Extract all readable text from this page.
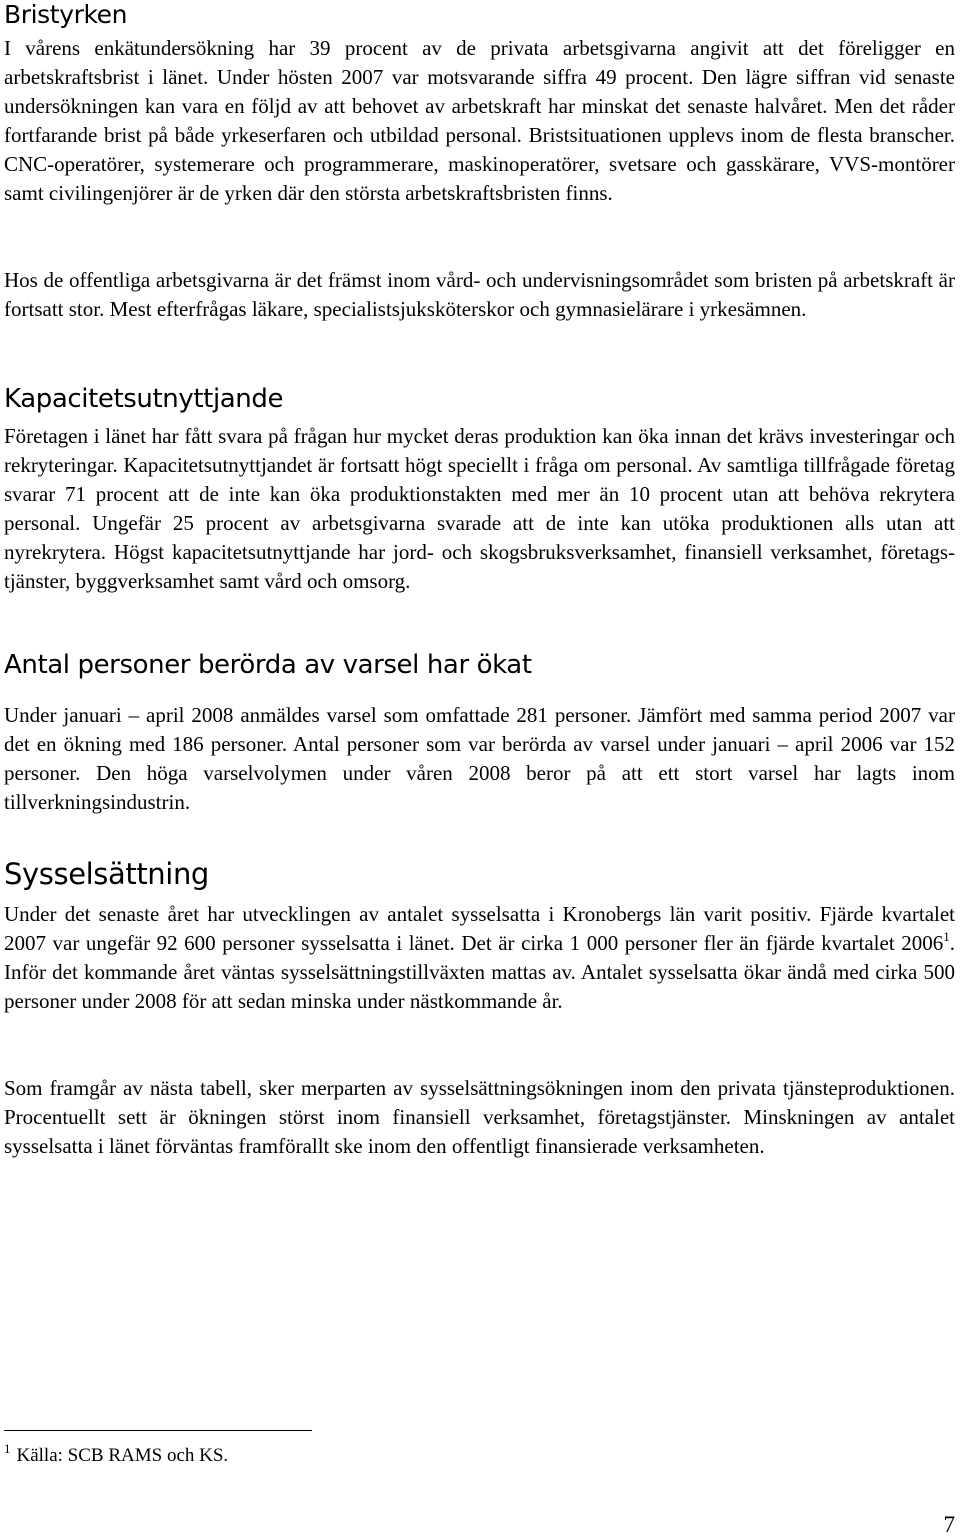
Bristyrken

I vårens enkätundersökning har 39 procent av de privata arbetsgivarna angivit att det föreligger en arbetskraftsbrist i länet. Under hösten 2007 var motsvarande siffra 49 procent. Den lägre siffran vid senaste undersökningen kan vara en följd av att behovet av arbetskraft har minskat det senaste halvåret. Men det råder fortfarande brist på både yrkeserfaren och utbildad personal. Bristsituationen upplevs inom de flesta branscher. CNC-operatörer, systemerare och programmerare, maskinoperatörer, svetsare och gasskärare, VVS-montörer samt civilingenjörer är de yrken där den största arbetskraftsbristen finns.

Hos de offentliga arbetsgivarna är det främst inom vård- och undervisningsområdet som bristen på arbetskraft är fortsatt stor. Mest efterfrågas läkare, specialistsjuksköterskor och gymnasielärare i yrkesämnen.

Kapacitetsutnyttjande

Företagen i länet har fått svara på frågan hur mycket deras produktion kan öka innan det krävs investeringar och rekryteringar. Kapacitetsutnyttjandet är fortsatt högt speciellt i fråga om personal. Av samtliga tillfrågade företag svarar 71 procent att de inte kan öka produktionstakten med mer än 10 procent utan att behöva rekrytera personal. Ungefär 25 procent av arbetsgivarna svarade att de inte kan utöka produktionen alls utan att nyrekrytera. Högst kapacitetsutnyttjande har jord- och skogsbruksverksamhet, finansiell verksamhet, företagstjänster, byggverksamhet samt vård och omsorg.

Antal personer berörda av varsel har ökat

Under januari – april 2008 anmäldes varsel som omfattade 281 personer. Jämfört med samma period 2007 var det en ökning med 186 personer. Antal personer som var berörda av varsel under januari – april 2006 var 152 personer. Den höga varselvolymen under våren 2008 beror på att ett stort varsel har lagts inom tillverkningsindustrin.

Sysselsättning

Under det senaste året har utvecklingen av antalet sysselsatta i Kronobergs län varit positiv. Fjärde kvartalet 2007 var ungefär 92 600 personer sysselsatta i länet. Det är cirka 1 000 personer fler än fjärde kvartalet 2006$^1$. Inför det kommande året väntas sysselsättningstillväxten mattas av. Antalet sysselsatta ökar ändå med cirka 500 personer under 2008 för att sedan minska under nästkommande år.

Som framgår av nästa tabell, sker merparten av sysselsättningsökningen inom den privata tjänsteproduktionen. Procentuellt sett är ökningen störst inom finansiell verksamhet, företagstjänster. Minskningen av antalet sysselsatta i länet förväntas framförallt ske inom den offentligt finansierade verksamheten.

$^1$ Källa: SCB RAMS och KS.
7
